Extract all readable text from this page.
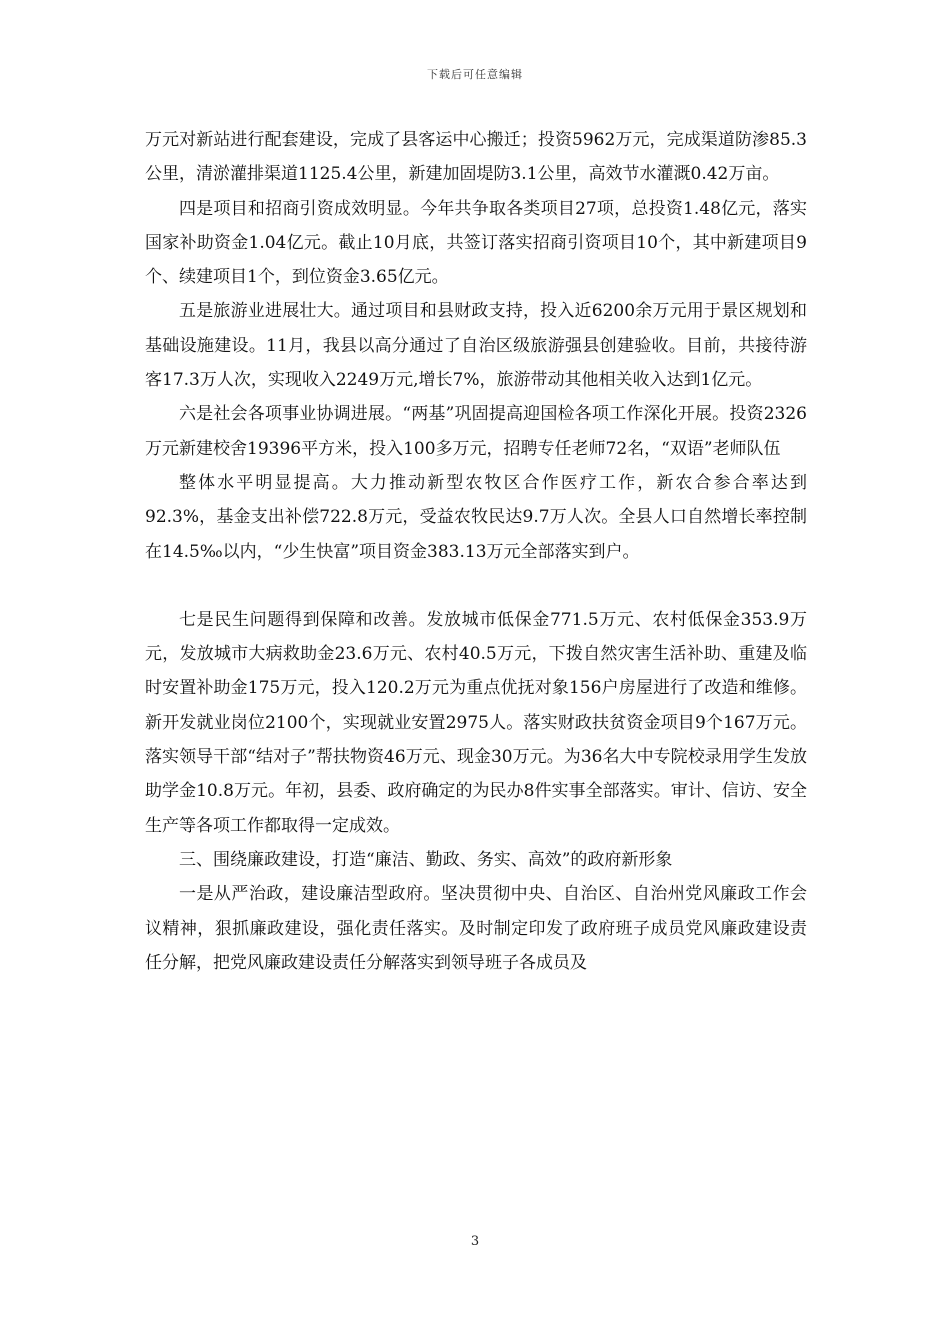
下载后可任意编辑

万元对新站进行配套建设，完成了县客运中心搬迁；投资5962万元，完成渠道防渗85.3公里，清淤灌排渠道1125.4公里，新建加固堤防3.1公里，高效节水灌溉0.42万亩。

四是项目和招商引资成效明显。今年共争取各类项目27项，总投资1.48亿元，落实国家补助资金1.04亿元。截止10月底，共签订落实招商引资项目10个，其中新建项目9个、续建项目1个，到位资金3.65亿元。

五是旅游业进展壮大。通过项目和县财政支持，投入近6200余万元用于景区规划和基础设施建设。11月，我县以高分通过了自治区级旅游强县创建验收。目前，共接待游客17.3万人次，实现收入2249万元,增长7%，旅游带动其他相关收入达到1亿元。

六是社会各项事业协调进展。“两基”巩固提高迎国检各项工作深化开展。投资2326万元新建校舍19396平方米，投入100多万元，招聘专任老师72名，“双语”老师队伍

整体水平明显提高。大力推动新型农牧区合作医疗工作，新农合参合率达到92.3%，基金支出补偿722.8万元，受益农牧民达9.7万人次。全县人口自然增长率控制在14.5‰以内，“少生快富”项目资金383.13万元全部落实到户。

七是民生问题得到保障和改善。发放城市低保金771.5万元、农村低保金353.9万元，发放城市大病救助金23.6万元、农村40.5万元，下拨自然灾害生活补助、重建及临时安置补助金175万元，投入120.2万元为重点优抚对象156户房屋进行了改造和维修。新开发就业岗位2100个，实现就业安置2975人。落实财政扶贫资金项目9个167万元。落实领导干部“结对子”帮扶物资46万元、现金30万元。为36名大中专院校录用学生发放助学金10.8万元。年初，县委、政府确定的为民办8件实事全部落实。审计、信访、安全生产等各项工作都取得一定成效。

三、围绕廉政建设，打造“廉洁、勤政、务实、高效”的政府新形象

一是从严治政，建设廉洁型政府。坚决贯彻中央、自治区、自治州党风廉政工作会议精神，狠抓廉政建设，强化责任落实。及时制定印发了政府班子成员党风廉政建设责任分解，把党风廉政建设责任分解落实到领导班子各成员及

3
